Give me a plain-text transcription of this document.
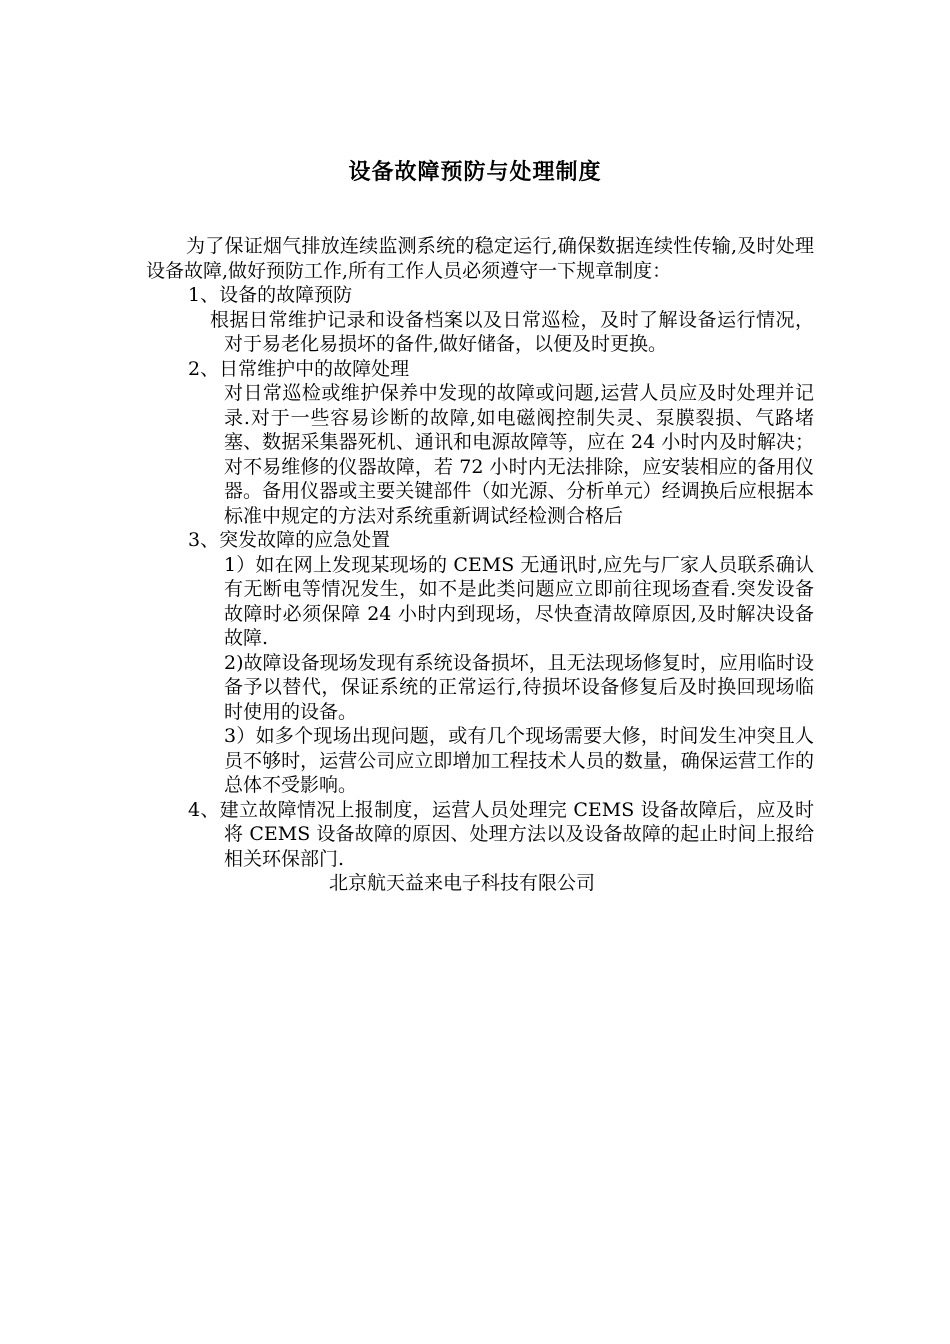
设备故障预防与处理制度

为了保证烟气排放连续监测系统的稳定运行,确保数据连续性传输,及时处理设备故障,做好预防工作,所有工作人员必须遵守一下规章制度：

1、设备的故障预防

根据日常维护记录和设备档案以及日常巡检，及时了解设备运行情况，对于易老化易损坏的备件,做好储备，以便及时更换。

2、日常维护中的故障处理

对日常巡检或维护保养中发现的故障或问题,运营人员应及时处理并记录.对于一些容易诊断的故障,如电磁阀控制失灵、泵膜裂损、气路堵塞、数据采集器死机、通讯和电源故障等，应在 24 小时内及时解决；对不易维修的仪器故障，若 72 小时内无法排除，应安装相应的备用仪器。备用仪器或主要关键部件（如光源、分析单元）经调换后应根据本标准中规定的方法对系统重新调试经检测合格后

3、突发故障的应急处置

1）如在网上发现某现场的 CEMS 无通讯时,应先与厂家人员联系确认有无断电等情况发生，如不是此类问题应立即前往现场查看.突发设备故障时必须保障 24 小时内到现场，尽快查清故障原因,及时解决设备故障.

2)故障设备现场发现有系统设备损坏，且无法现场修复时，应用临时设备予以替代，保证系统的正常运行,待损坏设备修复后及时换回现场临时使用的设备。

3）如多个现场出现问题，或有几个现场需要大修，时间发生冲突且人员不够时，运营公司应立即增加工程技术人员的数量，确保运营工作的总体不受影响。

4、建立故障情况上报制度，运营人员处理完 CEMS 设备故障后，应及时将 CEMS 设备故障的原因、处理方法以及设备故障的起止时间上报给相关环保部门.

北京航天益来电子科技有限公司
